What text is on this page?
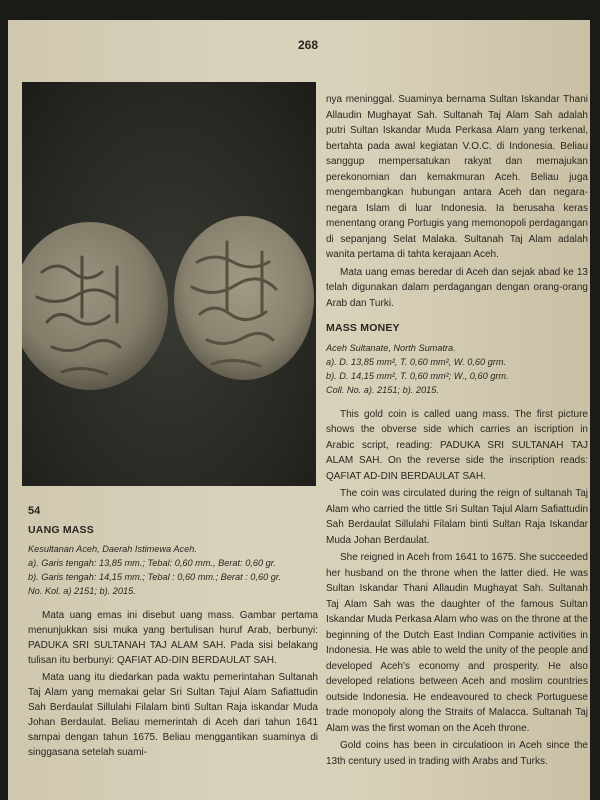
268
54
UANG MASS
Kesultanan Aceh, Daerah Istimewa Aceh.
a). Garis tengah: 13,85 mm.; Tebal: 0,60 mm., Berat: 0,60 gr.
b). Garis tengah: 14,15 mm.; Tebal : 0,60 mm.; Berat : 0,60 gr.
No. Kol. a) 2151; b). 2015.

Mata uang emas ini disebut uang mass. Gambar pertama menunjukkan sisi muka yang bertulisan huruf Arab, berbunyi: PADUKA SRI SULTANAH TAJ ALAM SAH. Pada sisi belakang tulisan itu berbunyi: QAFIAT AD-DIN BERDAULAT SAH.

Mata uang itu diedarkan pada waktu pemerintahan Sultanah Taj Alam yang memakai gelar Sri Sultan Tajul Alam Safiattudin Sah Berdaulat Sillulahi Filalam binti Sultan Raja iskandar Muda Johan Berdaulat. Beliau memerintah di Aceh dari tahun 1641 sampai dengan tahun 1675. Beliau menggantikan suaminya di singgasana setelah suami-

nya meninggal. Suaminya bernama Sultan Iskandar Thani Allaudin Mughayat Sah. Sultanah Taj Alam Sah adalah putri Sultan Iskandar Muda Perkasa Alam yang terkenal, bertahta pada awal kegiatan V.O.C. di Indonesia. Beliau sanggup mempersatukan rakyat dan memajukan perekonomian dan kemakmuran Aceh. Beliau juga mengembangkan hubungan antara Aceh dan negara-negara Islam di luar Indonesia. Ia berusaha keras menentang orang Portugis yang memonopoli perdagangan di sepanjang Selat Malaka. Sultanah Taj Alam adalah wanita pertama di tahta kerajaan Aceh.

Mata uang emas beredar di Aceh dan sejak abad ke 13 telah digunakan dalam perdagangan dengan orang-orang Arab dan Turki.

MASS MONEY
Aceh Sultanate, North Sumatra.
a). D. 13,85 mm², T. 0,60 mm², W. 0,60 grm.
b). D. 14,15 mm², T. 0,60 mm²; W., 0,60 grm.
Coll. No. a). 2151; b). 2015.

This gold coin is called uang mass. The first picture shows the obverse side which carries an iscription in Arabic script, reading: PADUKA SRI SULTANAH TAJ ALAM SAH. On the reverse side the inscription reads: QAFIAT AD-DIN BERDAULAT SAH.

The coin was circulated during the reign of sultanah Taj Alam who carried the tittle Sri Sultan Tajul Alam Safiattudin Sah Berdaulat Sillulahi Filalam binti Sultan Raja Iskandar Muda Johan Berdaulat.

She reigned in Aceh from 1641 to 1675. She succeeded her husband on the throne when the latter died. He was Sultan Iskandar Thani Allaudin Mughayat Sah. Sultanah Taj Alam Sah was the daughter of the famous Sultan Iskandar Muda Perkasa Alam who was on the throne at the beginning of the Dutch East Indian Companie activities in Indonesia. He was able to weld the unity of the people and developed Aceh's economy and prosperity. He also developed relations between Aceh and moslim countries outside Indonesia. He endeavoured to check Portuguese trade monopoly along the Straits of Malacca. Sultanah Taj Alam was the first woman on the Aceh throne.

Gold coins has been in circulatioon in Aceh since the 13th century used in trading with Arabs and Turks.
